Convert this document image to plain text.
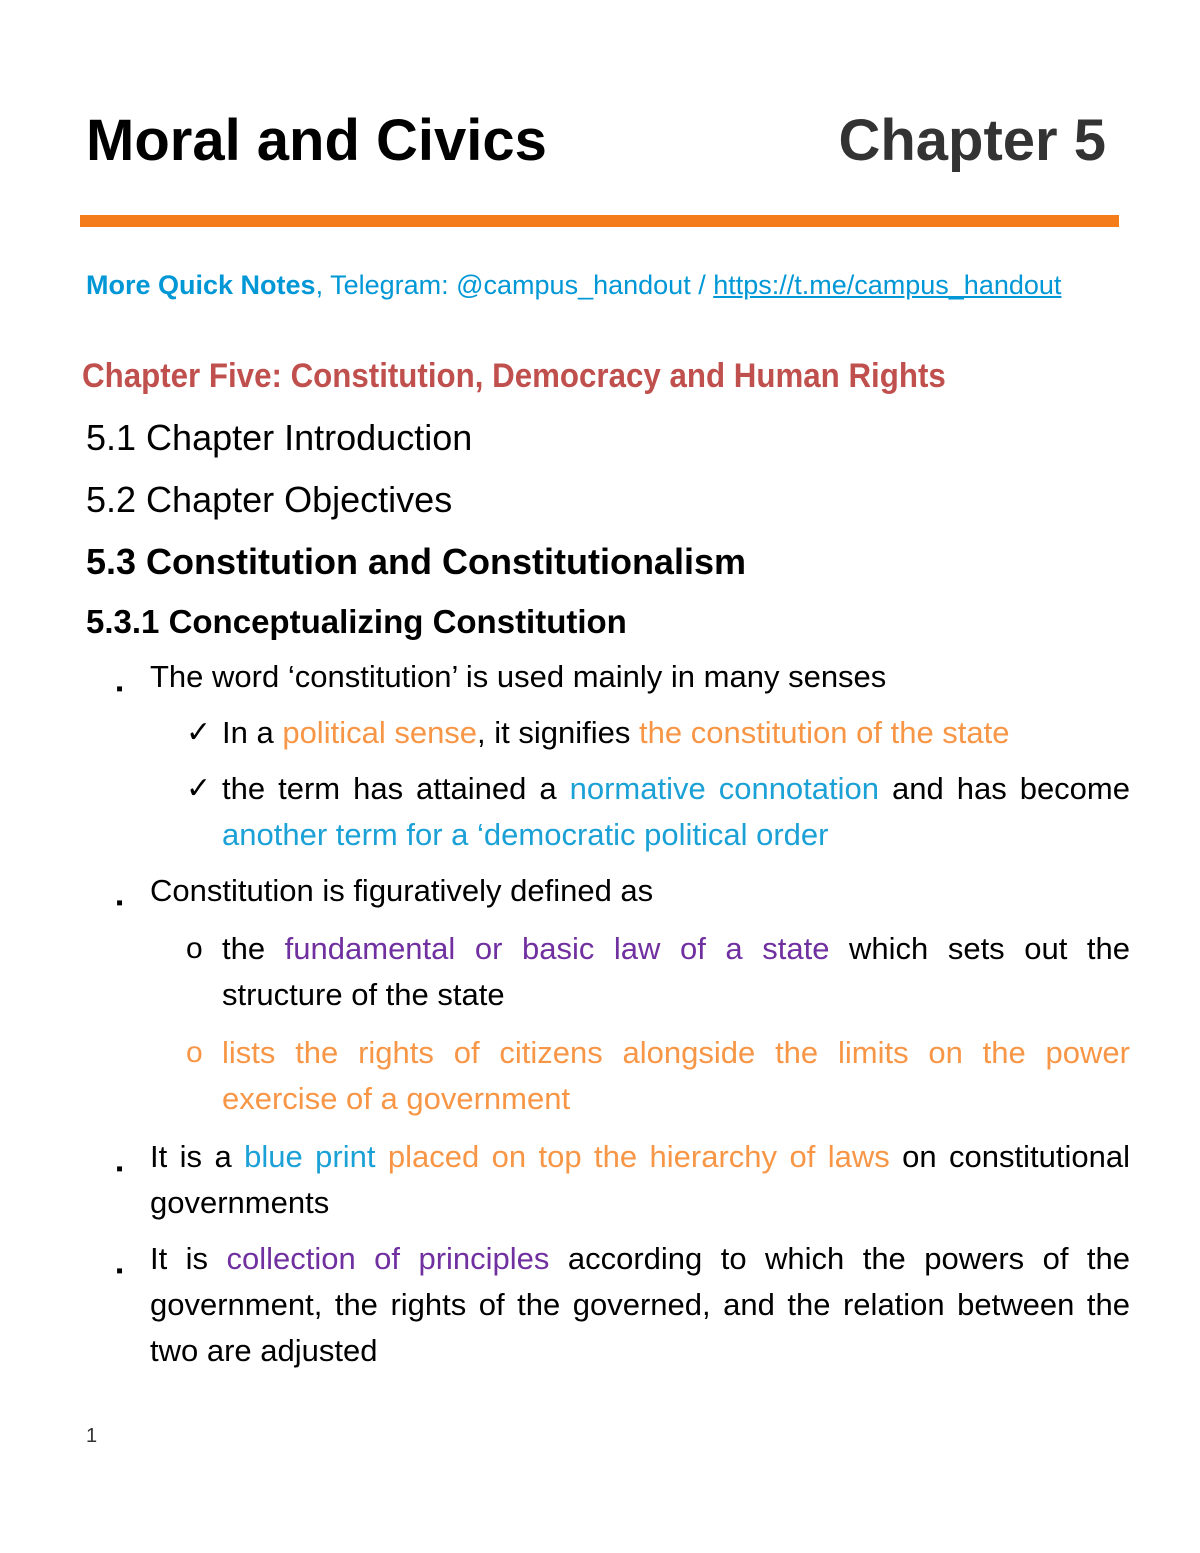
Moral and Civics	Chapter 5
More Quick Notes, Telegram: @campus_handout / https://t.me/campus_handout
Chapter Five: Constitution, Democracy and Human Rights
5.1 Chapter Introduction
5.2 Chapter Objectives
5.3 Constitution and Constitutionalism
5.3.1 Conceptualizing Constitution
▪ The word ‘constitution’ is used mainly in many senses
✓ In a political sense, it signifies the constitution of the state
✓ the term has attained a normative connotation and has become another term for a ‘democratic political order
▪ Constitution is figuratively defined as
o the fundamental or basic law of a state which sets out the structure of the state
o lists the rights of citizens alongside the limits on the power exercise of a government
▪ It is a blue print placed on top the hierarchy of laws on constitutional governments
▪ It is collection of principles according to which the powers of the government, the rights of the governed, and the relation between the two are adjusted
1
